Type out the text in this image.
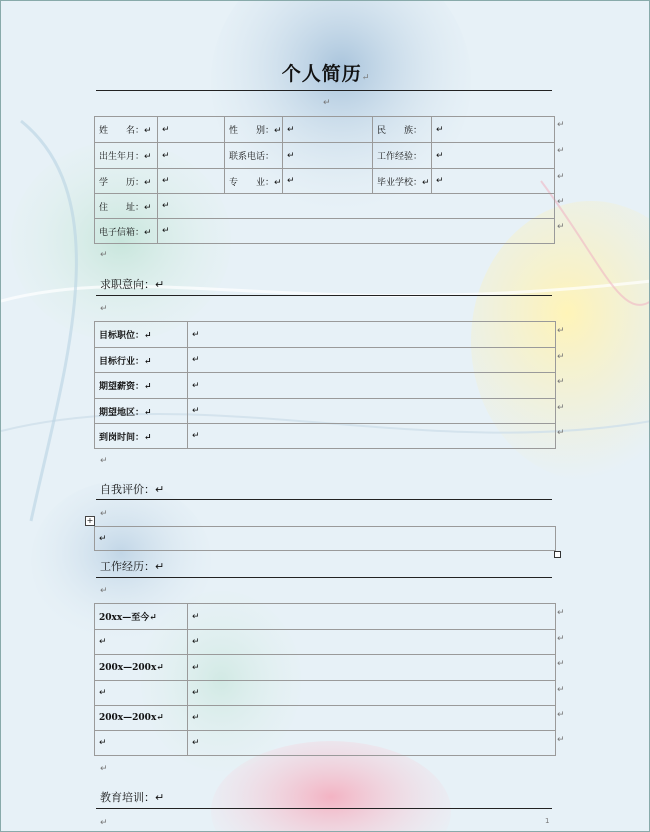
个人简历↵
↵
姓　　名：↵	↵	性　　别：↵	↵	民　　族：	↵
出生年月：↵	↵	联系电话：	↵	工作经验：	↵
学　　历：↵	↵	专　　业：↵	↵	毕业学校：↵	↵
住　　址：↵	↵				
电子信箱：↵	↵				
↵
↵
↵
↵
↵
↵
求职意向：↵
↵
目标职位：↵	↵
目标行业：↵	↵
期望薪资：↵	↵
期望地区：↵	↵
到岗时间：↵	↵
↵
↵
↵
↵
↵
↵
自我评价：↵
↵
+
↵
工作经历：↵
↵
20xx—至今↵	↵
↵	↵
200x—200x↵	↵
↵	↵
200x—200x↵	↵
↵	↵
↵
↵
↵
↵
↵
↵
↵
教育培训：↵
↵	1
